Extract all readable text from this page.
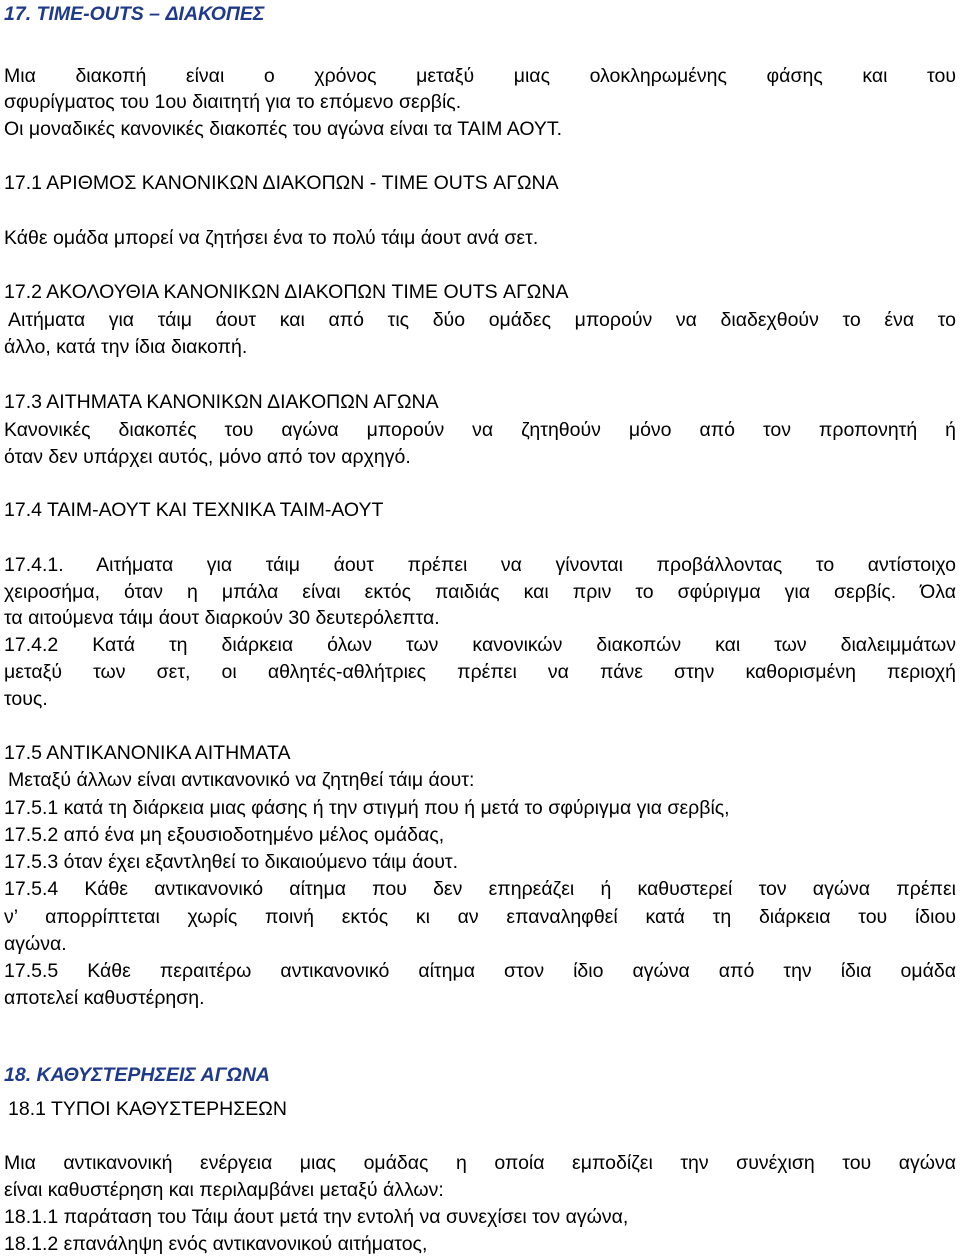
17. TIME-OUTS – ΔΙΑΚΟΠΕΣ
Μια διακοπή είναι ο χρόνος μεταξύ μιας ολοκληρωμένης φάσης και του
σφυρίγματος του 1ου διαιτητή για το επόμενο σερβίς.
Οι μοναδικές κανονικές διακοπές του αγώνα είναι τα ΤΑΙΜ ΑΟΥΤ.
17.1 ΑΡΙΘΜΟΣ ΚΑΝΟΝΙΚΩΝ ΔΙΑΚΟΠΩΝ - TIME OUTS ΑΓΩΝΑ
Κάθε ομάδα μπορεί να ζητήσει ένα το πολύ τάιμ άουτ ανά σετ.
17.2 ΑΚΟΛΟΥΘΙΑ ΚΑΝΟΝΙΚΩΝ ΔΙΑΚΟΠΩΝ TIME OUTS ΑΓΩΝΑ
Αιτήματα για τάιμ άουτ και από τις δύο ομάδες μπορούν να διαδεχθούν το ένα το
άλλο, κατά την ίδια διακοπή.
17.3 ΑΙΤΗΜΑΤΑ ΚΑΝΟΝΙΚΩΝ ΔΙΑΚΟΠΩΝ ΑΓΩΝΑ
Κανονικές διακοπές του αγώνα μπορούν να ζητηθούν μόνο από τον προπονητή ή
όταν δεν υπάρχει αυτός, μόνο από τον αρχηγό.
17.4 ΤΑΙΜ-ΑΟΥΤ ΚΑΙ ΤΕΧΝΙΚΑ ΤΑΙΜ-ΑΟΥΤ
17.4.1. Αιτήματα για τάιμ άουτ πρέπει να γίνονται προβάλλοντας το αντίστοιχο
χειροσήμα, όταν η μπάλα είναι εκτός παιδιάς και πριν το σφύριγμα για σερβίς. Όλα
τα αιτούμενα τάιμ άουτ διαρκούν 30 δευτερόλεπτα.
17.4.2 Κατά τη διάρκεια όλων των κανονικών διακοπών και των διαλειμμάτων
μεταξύ των σετ, οι αθλητές-αθλήτριες πρέπει να πάνε στην καθορισμένη περιοχή
τους.
17.5 ΑΝΤΙΚΑΝΟΝΙΚΑ ΑΙΤΗΜΑΤΑ
Μεταξύ άλλων είναι αντικανονικό να ζητηθεί τάιμ άουτ:
17.5.1 κατά τη διάρκεια μιας φάσης ή την στιγμή που ή μετά το σφύριγμα για σερβίς,
17.5.2 από ένα μη εξουσιοδοτημένο μέλος ομάδας,
17.5.3 όταν έχει εξαντληθεί το δικαιούμενο τάιμ άουτ.
17.5.4 Κάθε αντικανονικό αίτημα που δεν επηρεάζει ή καθυστερεί τον αγώνα πρέπει
ν’ απορρίπτεται χωρίς ποινή εκτός κι αν επαναληφθεί κατά τη διάρκεια του ίδιου
αγώνα.
17.5.5 Κάθε περαιτέρω αντικανονικό αίτημα στον ίδιο αγώνα από την ίδια ομάδα
αποτελεί καθυστέρηση.
18. ΚΑΘΥΣΤΕΡΗΣΕΙΣ ΑΓΩΝΑ
18.1 ΤΥΠΟΙ ΚΑΘΥΣΤΕΡΗΣΕΩΝ
Μια αντικανονική ενέργεια μιας ομάδας η οποία εμποδίζει την συνέχιση του αγώνα
είναι καθυστέρηση και περιλαμβάνει μεταξύ άλλων:
18.1.1 παράταση του Τάιμ άουτ μετά την εντολή να συνεχίσει τον αγώνα,
18.1.2 επανάληψη ενός αντικανονικού αιτήματος,
